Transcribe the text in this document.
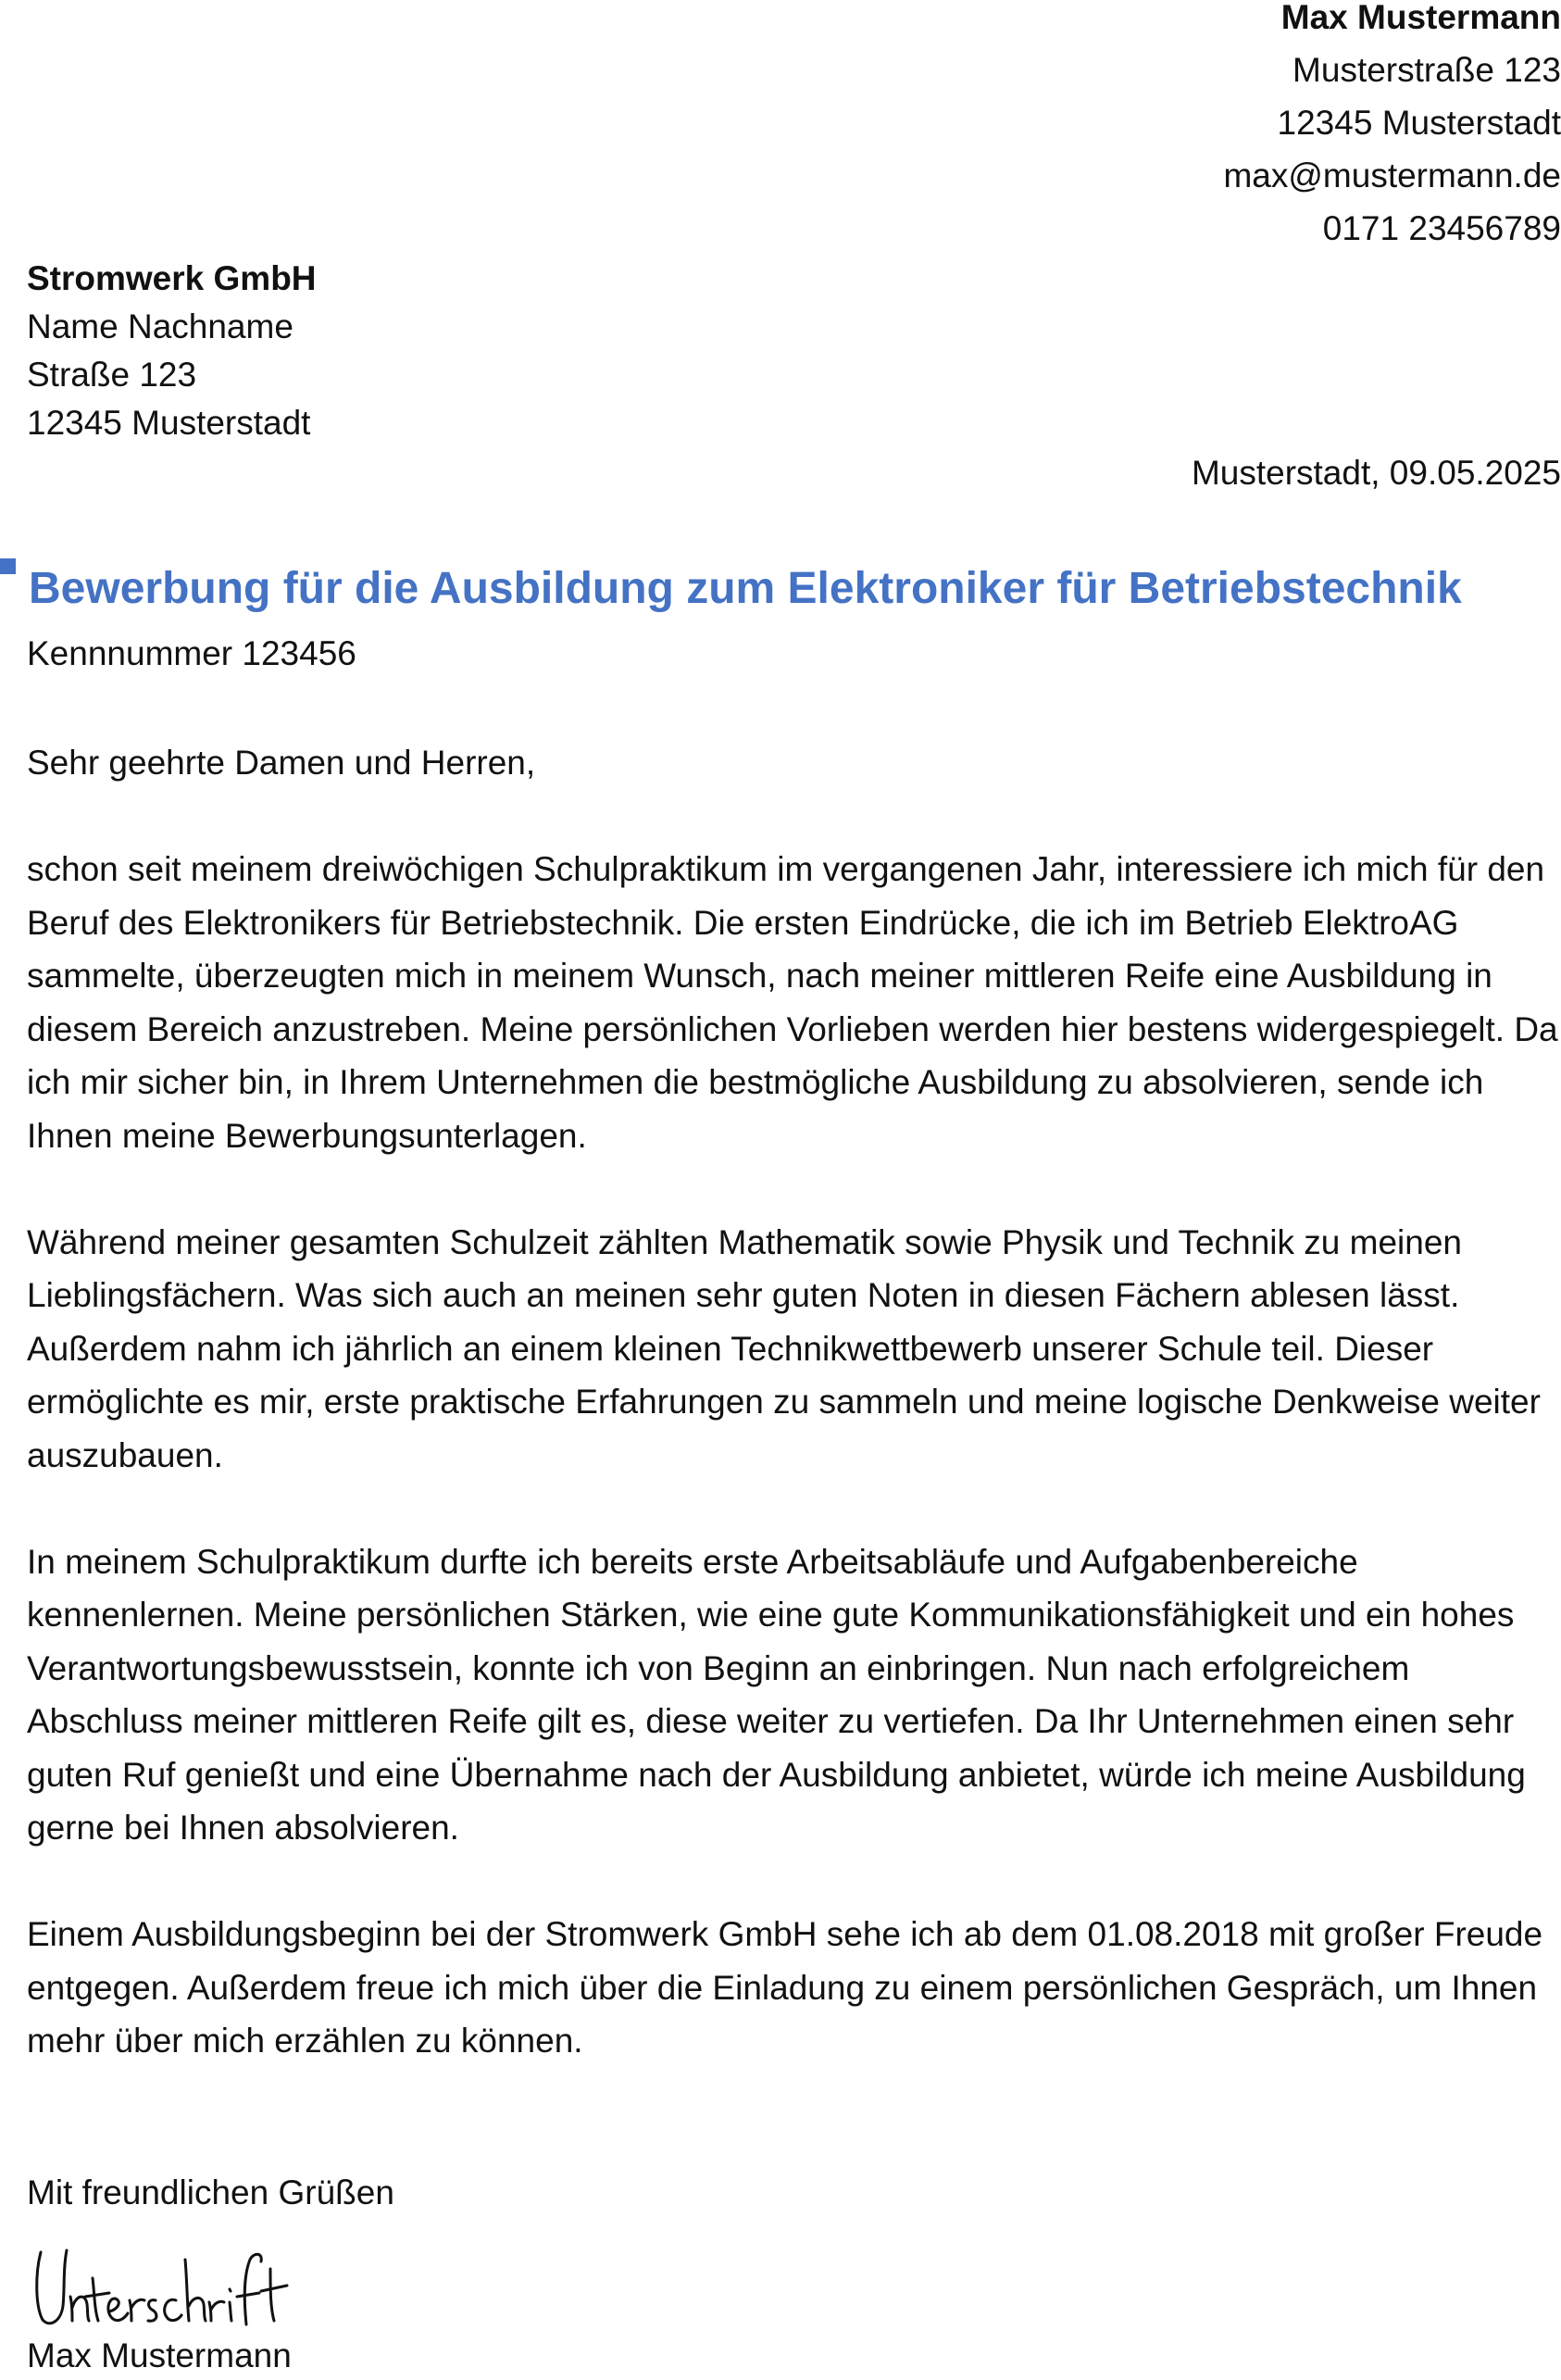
Max Mustermann
Musterstraße 123
12345 Musterstadt
max@mustermann.de
0171 23456789
Stromwerk GmbH
Name Nachname
Straße 123
12345 Musterstadt
Musterstadt, 09.05.2025
Bewerbung für die Ausbildung zum Elektroniker für Betriebstechnik
Kennnummer 123456

Sehr geehrte Damen und Herren,

schon seit meinem dreiwöchigen Schulpraktikum im vergangenen Jahr, interessiere ich mich für den Beruf des Elektronikers für Betriebstechnik. Die ersten Eindrücke, die ich im Betrieb ElektroAG sammelte, überzeugten mich in meinem Wunsch, nach meiner mittleren Reife eine Ausbildung in diesem Bereich anzustreben. Meine persönlichen Vorlieben werden hier bestens widergespiegelt. Da ich mir sicher bin, in Ihrem Unternehmen die bestmögliche Ausbildung zu absolvieren, sende ich Ihnen meine Bewerbungsunterlagen.

Während meiner gesamten Schulzeit zählten Mathematik sowie Physik und Technik zu meinen Lieblingsfächern. Was sich auch an meinen sehr guten Noten in diesen Fächern ablesen lässt. Außerdem nahm ich jährlich an einem kleinen Technikwettbewerb unserer Schule teil. Dieser ermöglichte es mir, erste praktische Erfahrungen zu sammeln und meine logische Denkweise weiter auszubauen.

In meinem Schulpraktikum durfte ich bereits erste Arbeitsabläufe und Aufgabenbereiche kennenlernen. Meine persönlichen Stärken, wie eine gute Kommunikationsfähigkeit und ein hohes Verantwortungsbewusstsein, konnte ich von Beginn an einbringen. Nun nach erfolgreichem Abschluss meiner mittleren Reife gilt es, diese weiter zu vertiefen. Da Ihr Unternehmen einen sehr guten Ruf genießt und eine Übernahme nach der Ausbildung anbietet, würde ich meine Ausbildung gerne bei Ihnen absolvieren.

Einem Ausbildungsbeginn bei der Stromwerk GmbH sehe ich ab dem 01.08.2018 mit großer Freude entgegen. Außerdem freue ich mich über die Einladung zu einem persönlichen Gespräch, um Ihnen mehr über mich erzählen zu können.

Mit freundlichen Grüßen
Max Mustermann
